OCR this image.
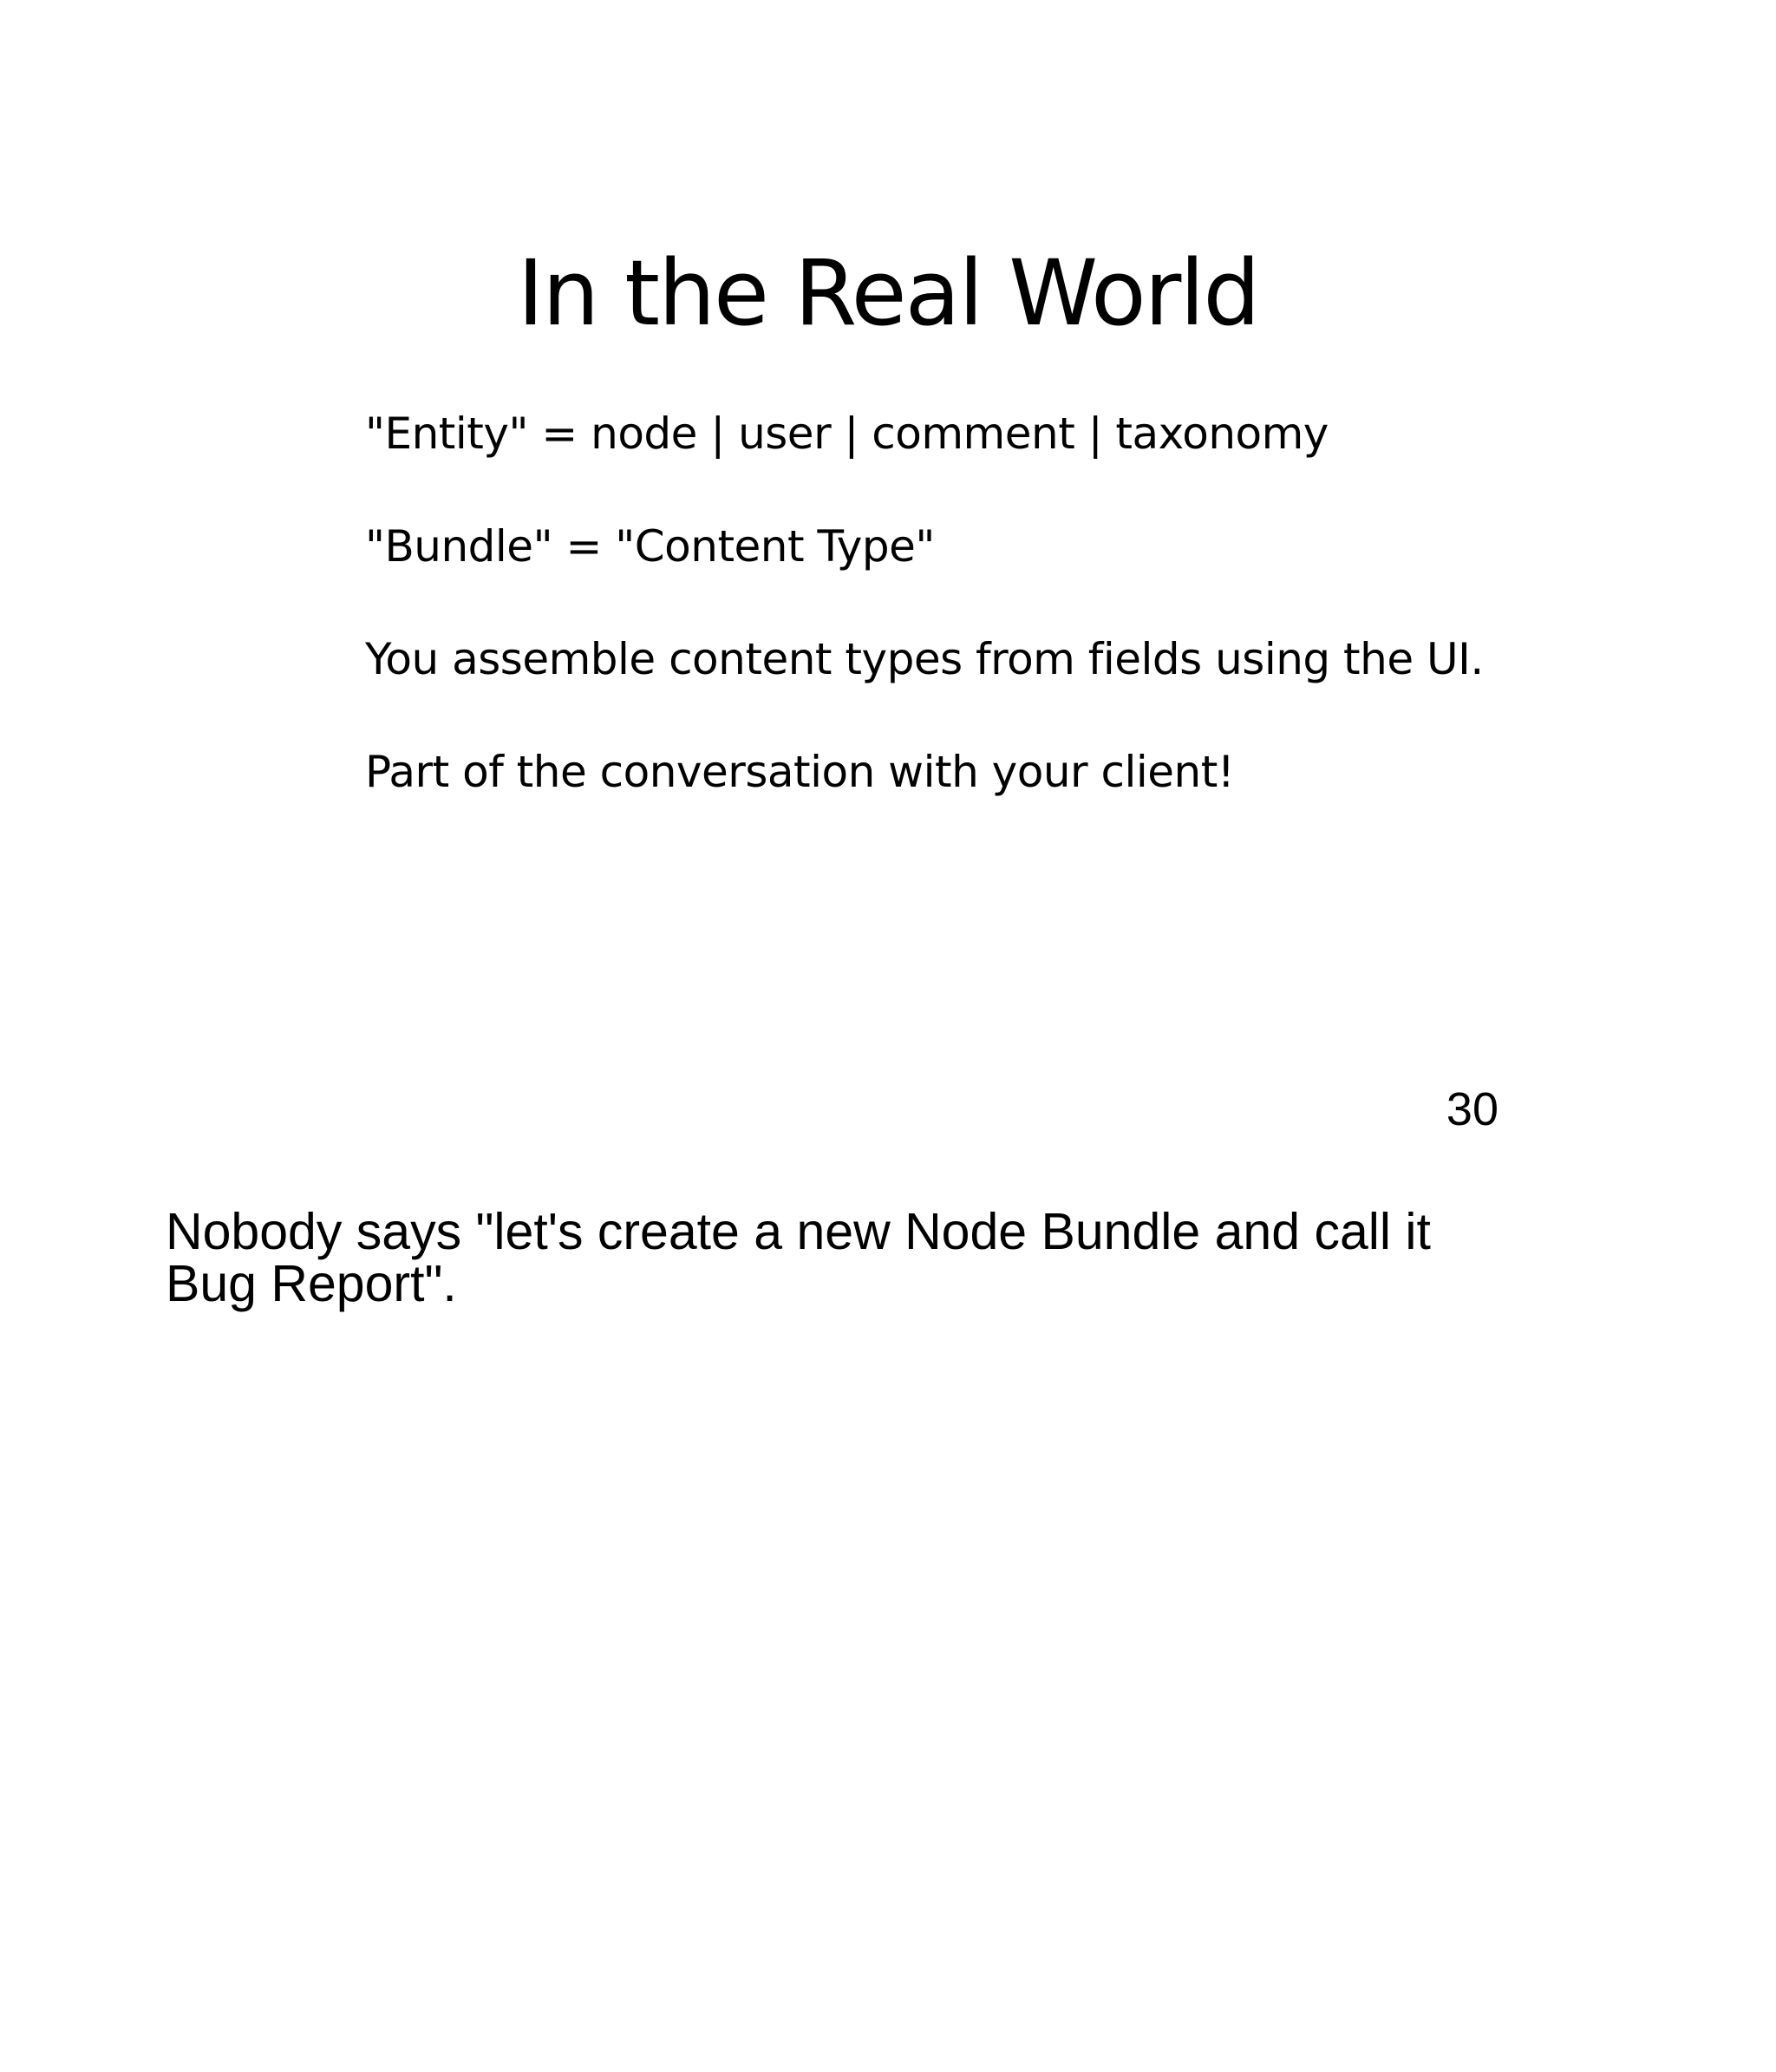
In the Real World
"Entity" = node | user | comment | taxonomy
"Bundle" = "Content Type"
You assemble content types from fields using the UI.
Part of the conversation with your client!
30

Nobody says "let's create a new Node Bundle and call it Bug Report".
